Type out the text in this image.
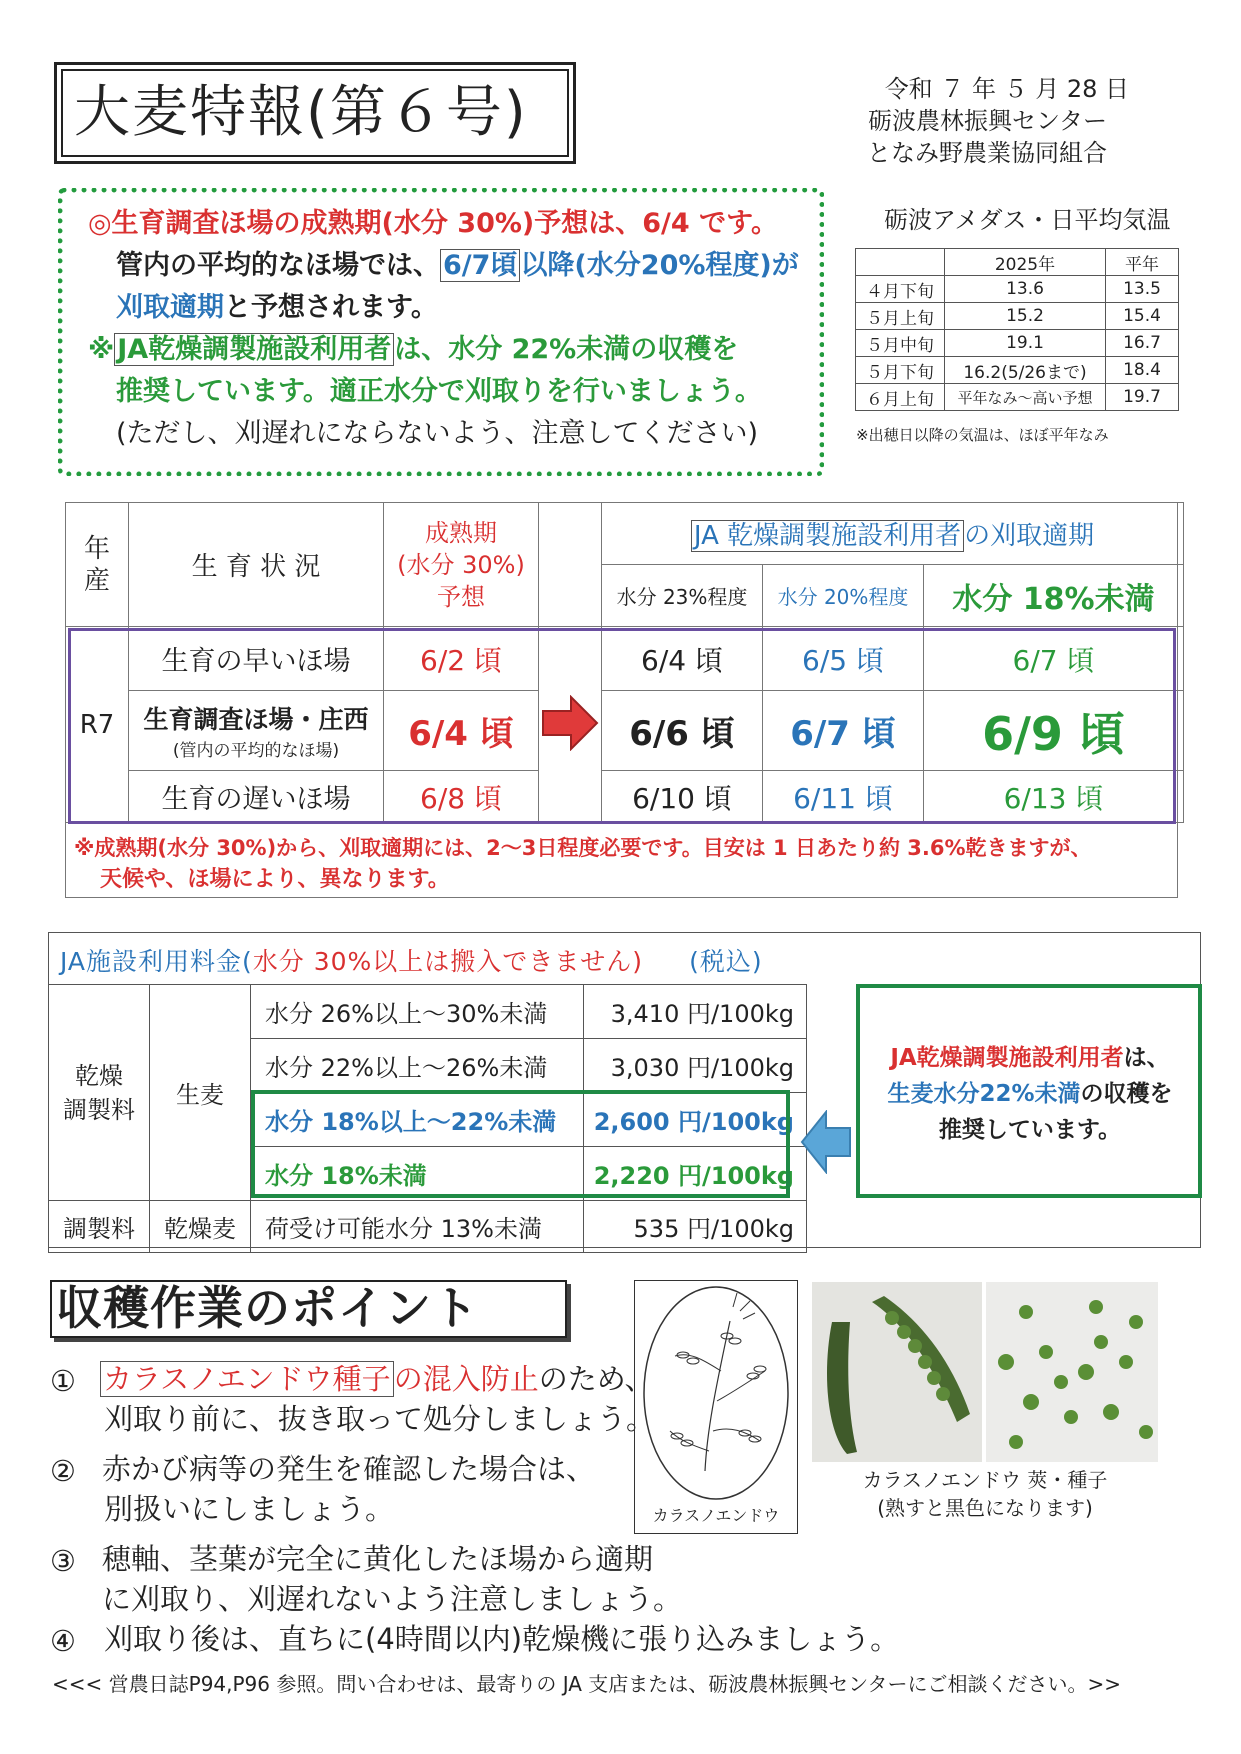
大麦特報(第６号)	令和 ７ 年 ５ 月 28 日
砺波農林振興センター
となみ野農業協同組合
◎生育調査ほ場の成熟期(水分 30%)予想は、6/4 です。
管内の平均的なほ場では、 6/7頃 以降(水分20%程度)が
刈取適期と予想されます。
※ JA乾燥調製施設利用者 は、水分 22%未満の収穫を
推奨しています。適正水分で刈取りを行いましょう。
(ただし、刈遅れにならないよう、注意してください)
砺波アメダス・日平均気温
	2025年	平年
４月下旬	13.6	13.5
５月上旬	15.2	15.4
５月中旬	19.1	16.7
５月下旬	16.2(5/26まで)	18.4
６月上旬	平年なみ～高い予想	19.7
※出穂日以降の気温は、ほぼ平年なみ
年産	生 育 状 況	成熟期
(水分 30%)
予想		JA 乾燥調製施設利用者 の刈取適期		
				水分 23%程度	水分 20%程度	水分 18%未満
R7	生育の早いほ場	6/2 頃		6/4 頃	6/5 頃	6/7 頃

	生育調査ほ場・庄西
(管内の平均的なほ場)	6/4 頃		6/6 頃	6/7 頃	6/9 頃
	生育の遅いほ場	6/8 頃		6/10 頃	6/11 頃	6/13 頃
※成熟期(水分 30%)から、刈取適期には、2～3日程度必要です。目安は 1 日あたり約 3.6%乾きますが、
天候や、ほ場により、異なります。
JA施設利用料金(水分 30%以上は搬入できません) (税込)
乾燥
調製料	生麦	水分 26%以上～30%未満	3,410 円/100kg
		水分 22%以上～26%未満	3,030 円/100kg
		水分 18%以上～22%未満	2,600 円/100kg
		水分 18%未満	2,220 円/100kg
調製料	乾燥麦	荷受け可能水分 13%未満	535 円/100kg
JA乾燥調製施設利用者は、
生麦水分22%未満の収穫を
推奨しています。
収穫作業のポイント
① カラスノエンドウ種子 の混入防止のため、
刈取り前に、抜き取って処分しましょう。
② 赤かび病等の発生を確認した場合は、
別扱いにしましょう。
③ 穂軸、茎葉が完全に黄化したほ場から適期
に刈取り、刈遅れないよう注意しましょう。
④ 刈取り後は、直ちに(4時間以内)乾燥機に張り込みましょう。
カラスノエンドウ
カラスノエンドウ 莢・種子
(熟すと黒色になります)
<<< 営農日誌P94,P96 参照。問い合わせは、最寄りの JA 支店または、砺波農林振興センターにご相談ください。>>
